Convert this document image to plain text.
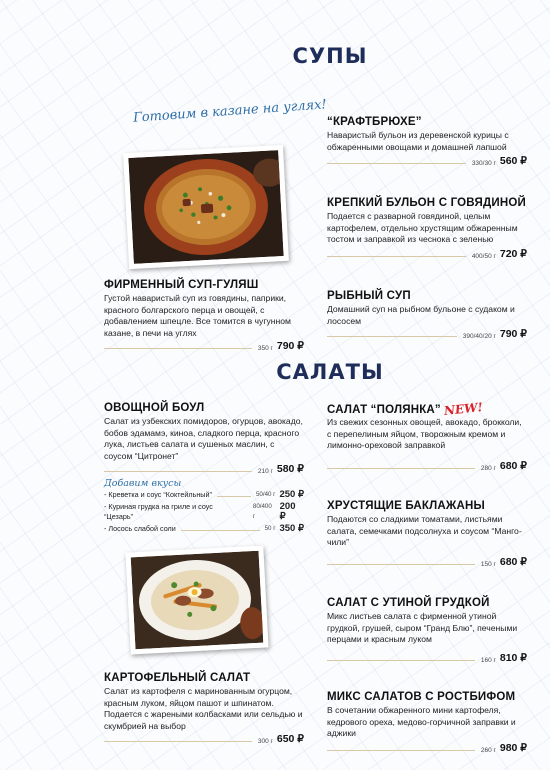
СУПЫ
Готовим в казане на углях! “КРАФТБРЮХЕ”
Наваристый бульон из деревенской курицы с обжаренными овощами и домашней лапшой
330/30 г 560 ₽
КРЕПКИЙ БУЛЬОН С ГОВЯДИНОЙ
Подается с разварной говядиной, целым картофелем, отдельно хрустящим обжаренным тостом и заправкой из чеснока с зеленью
400/50 г 720 ₽
ФИРМЕННЫЙ СУП-ГУЛЯШ
Густой наваристый суп из говядины, паприки, красного болгарского перца и овощей, с добавлением шпецле. Все томится в чугунном казане, в печи на углях
350 г 790 ₽
РЫБНЫЙ СУП
Домашний суп на рыбном бульоне с судаком и лососем
390/40/20 г 790 ₽
САЛАТЫ
ОВОЩНОЙ БОУЛ
Салат из узбекских помидоров, огурцов, авокадо, бобов эдамамэ, киноа, сладкого перца, красного лука, листьев салата и сушеных маслин, с соусом “Цитронет”
210 г 580 ₽
Добавим вкусы
- Креветка и соус “Коктейльный”	50/40 г 250 ₽
- Куриная грудка на гриле и соус “Цезарь”
80/400 г
200 ₽
- Лосось слабой соли	50 г 350 ₽
КАРТОФЕЛЬНЫЙ САЛАТ
Салат из картофеля с маринованным огурцом, красным луком, яйцом пашот и шпинатом. Подается с жареными колбасками или сельдью и скумбрией на выбор
300 г 650 ₽
САЛАТ “ПОЛЯНКА” NEW!
Из свежих сезонных овощей, авокадо, брокколи, с перепелиным яйцом, творожным кремом и лимонно-ореховой заправкой
280 г 680 ₽
ХРУСТЯЩИЕ БАКЛАЖАНЫ
Подаются со сладкими томатами, листьями салата, семечками подсолнуха и соусом “Манго-чили”
150 г 680 ₽
САЛАТ С УТИНОЙ ГРУДКОЙ
Микс листьев салата с фирменной утиной грудкой, грушей, сыром “Гранд Блю”, печеными перцами и красным луком
160 г 810 ₽
МИКС САЛАТОВ С РОСТБИФОМ
В сочетании обжаренного мини картофеля, кедрового ореха, медово-горчичной заправки и аджики
260 г 980 ₽
